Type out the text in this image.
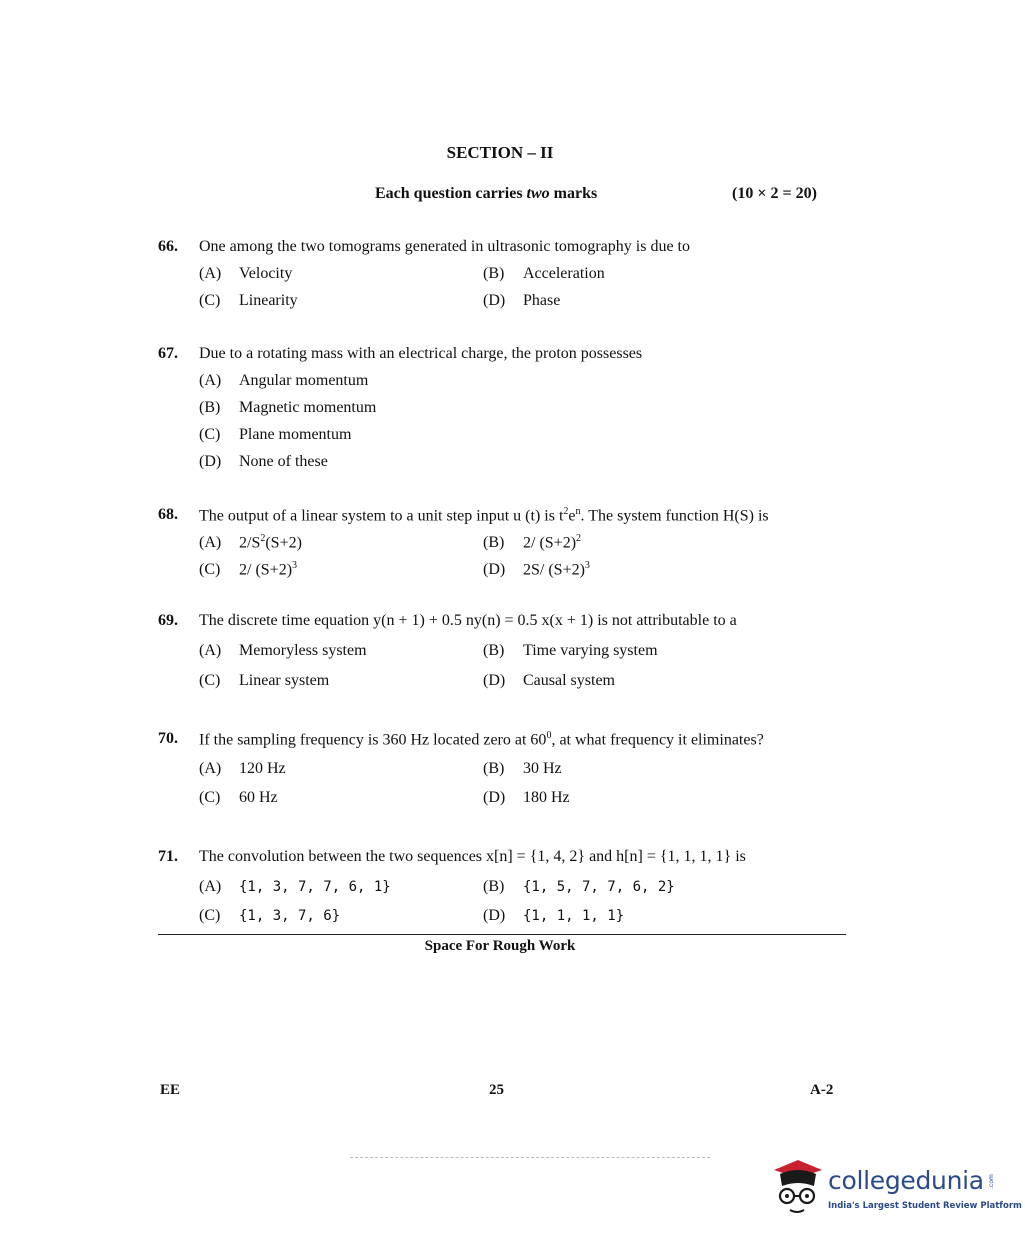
SECTION – II
Each question carries two marks	(10 × 2 = 20)
66. One among the two tomograms generated in ultrasonic tomography is due to
(A) Velocity	(B) Acceleration
(C) Linearity	(D) Phase
67. Due to a rotating mass with an electrical charge, the proton possesses
(A) Angular momentum
(B) Magnetic momentum
(C) Plane momentum
(D) None of these
68. The output of a linear system to a unit step input u (t) is $t^2e^n$. The system function H(S) is
(A) $2/S^2(S+2)$	(B) 2/ $(S+2)^2$
(C) 2/ $(S+2)^3$	(D) 2S/ $(S+2)^3$
69. The discrete time equation y(n + 1) + 0.5 ny(n) = 0.5 x(x + 1) is not attributable to a
(A) Memoryless system	(B) Time varying system
(C) Linear system	(D) Causal system
70. If the sampling frequency is 360 Hz located zero at $60^0$, at what frequency it eliminates?
(A) 120 Hz	(B) 30 Hz
(C) 60 Hz	(D) 180 Hz
71. The convolution between the two sequences x[n] = {1, 4, 2} and h[n] = {1, 1, 1, 1} is
(A) {1, 3, 7, 7, 6, 1}	(B) {1, 5, 7, 7, 6, 2}
(C) {1, 3, 7, 6}	(D) {1, 1, 1, 1}
Space For Rough Work
EE	25	A-2
collegedunia .com
India's Largest Student Review Platform
